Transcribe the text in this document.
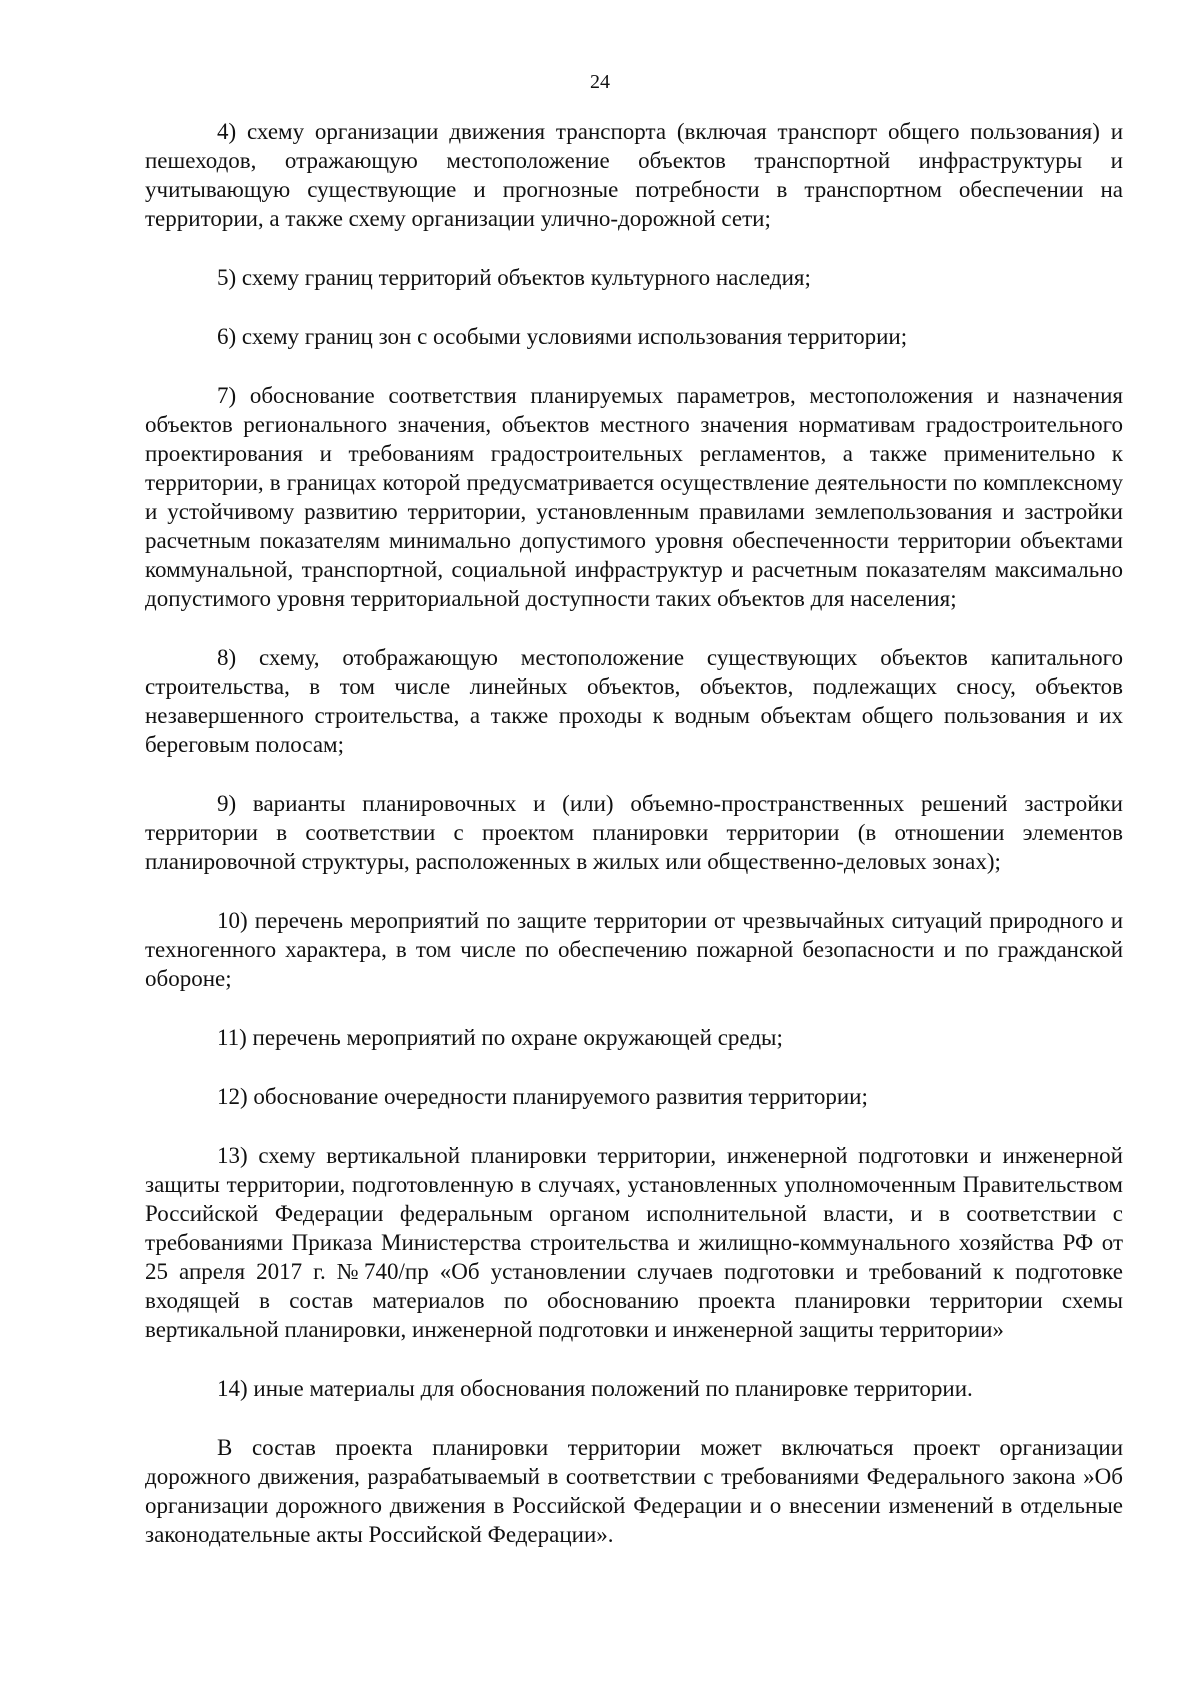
24

4) схему организации движения транспорта (включая транспорт общего пользования) и пешеходов, отражающую местоположение объектов транспортной инфраструктуры и учитывающую существующие и прогнозные потребности в транспортном обеспечении на территории, а также схему организации улично-дорожной сети;

5) схему границ территорий объектов культурного наследия;

6) схему границ зон с особыми условиями использования территории;

7) обоснование соответствия планируемых параметров, местоположения и назначения объектов регионального значения, объектов местного значения нормативам градостроительного проектирования и требованиям градостроительных регламентов, а также применительно к территории, в границах которой предусматривается осуществление деятельности по комплексному и устойчивому развитию территории, установленным правилами землепользования и застройки расчетным показателям минимально допустимого уровня обеспеченности территории объектами коммунальной, транспортной, социальной инфраструктур и расчетным показателям максимально допустимого уровня территориальной доступности таких объектов для населения;

8) схему, отображающую местоположение существующих объектов капитального строительства, в том числе линейных объектов, объектов, подлежащих сносу, объектов незавершенного строительства, а также проходы к водным объектам общего пользования и их береговым полосам;

9) варианты планировочных и (или) объемно-пространственных решений застройки территории в соответствии с проектом планировки территории (в отношении элементов планировочной структуры, расположенных в жилых или общественно-деловых зонах);

10) перечень мероприятий по защите территории от чрезвычайных ситуаций природного и техногенного характера, в том числе по обеспечению пожарной безопасности и по гражданской обороне;

11) перечень мероприятий по охране окружающей среды;

12) обоснование очередности планируемого развития территории;

13) схему вертикальной планировки территории, инженерной подготовки и инженерной защиты территории, подготовленную в случаях, установленных уполномоченным Правительством Российской Федерации федеральным органом исполнительной власти, и в соответствии с требованиями Приказа Министерства строительства и жилищно-коммунального хозяйства РФ от 25 апреля 2017 г. №740/пр «Об установлении случаев подготовки и требований к подготовке входящей в состав материалов по обоснованию проекта планировки территории схемы вертикальной планировки, инженерной подготовки и инженерной защиты территории»

14) иные материалы для обоснования положений по планировке территории.

В состав проекта планировки территории может включаться проект организации дорожного движения, разрабатываемый в соответствии с требованиями Федерального закона »Об организации дорожного движения в Российской Федерации и о внесении изменений в отдельные законодательные акты Российской Федерации».
